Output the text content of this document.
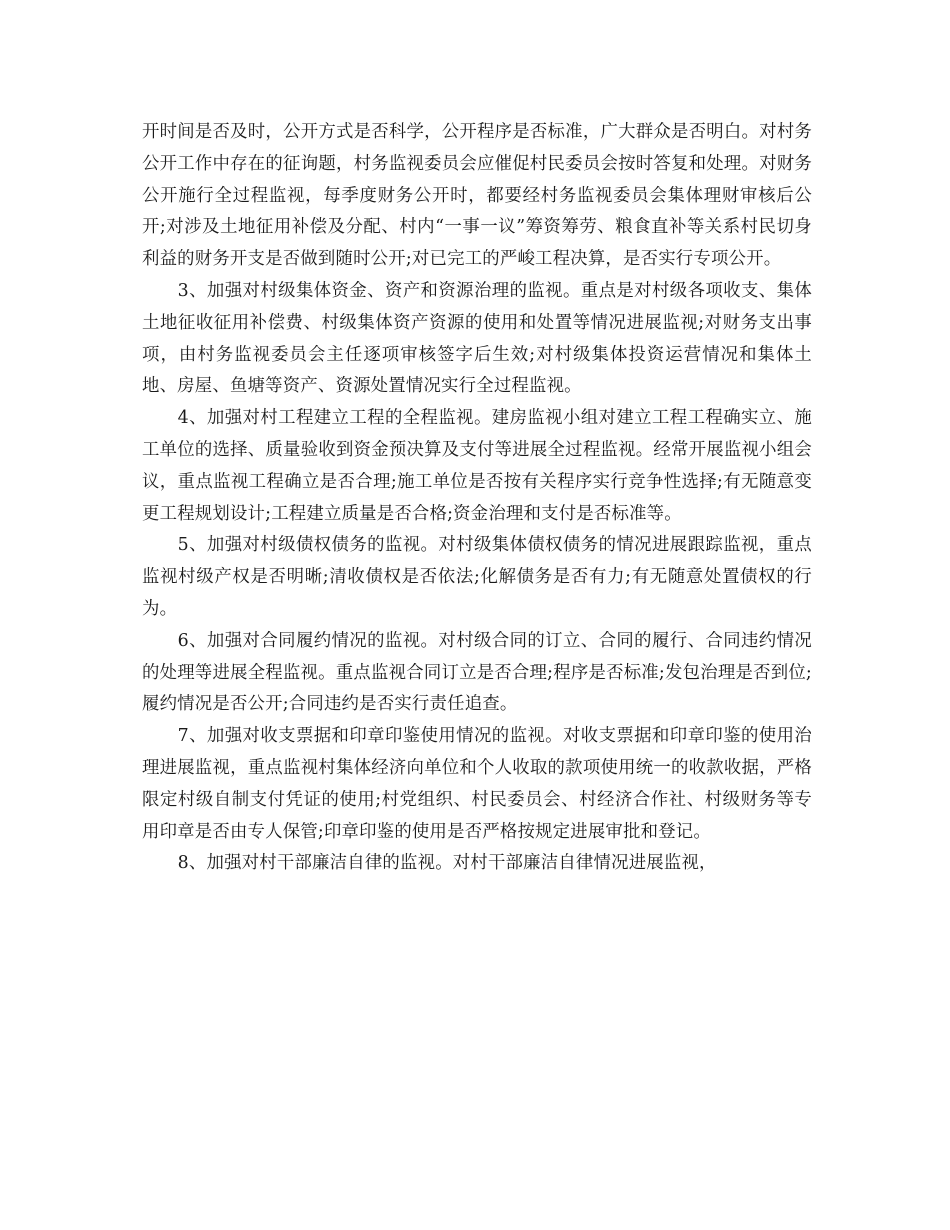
开时间是否及时，公开方式是否科学，公开程序是否标准，广大群众是否明白。对村务公开工作中存在的征询题，村务监视委员会应催促村民委员会按时答复和处理。对财务公开施行全过程监视，每季度财务公开时，都要经村务监视委员会集体理财审核后公开;对涉及土地征用补偿及分配、村内“一事一议”筹资筹劳、粮食直补等关系村民切身利益的财务开支是否做到随时公开;对已完工的严峻工程决算，是否实行专项公开。

3、加强对村级集体资金、资产和资源治理的监视。重点是对村级各项收支、集体土地征收征用补偿费、村级集体资产资源的使用和处置等情况进展监视;对财务支出事项，由村务监视委员会主任逐项审核签字后生效;对村级集体投资运营情况和集体土地、房屋、鱼塘等资产、资源处置情况实行全过程监视。

4、加强对村工程建立工程的全程监视。建房监视小组对建立工程工程确实立、施工单位的选择、质量验收到资金预决算及支付等进展全过程监视。经常开展监视小组会议，重点监视工程确立是否合理;施工单位是否按有关程序实行竞争性选择;有无随意变更工程规划设计;工程建立质量是否合格;资金治理和支付是否标准等。

5、加强对村级债权债务的监视。对村级集体债权债务的情况进展跟踪监视，重点监视村级产权是否明晰;清收债权是否依法;化解债务是否有力;有无随意处置债权的行为。

6、加强对合同履约情况的监视。对村级合同的订立、合同的履行、合同违约情况的处理等进展全程监视。重点监视合同订立是否合理;程序是否标准;发包治理是否到位;履约情况是否公开;合同违约是否实行责任追查。

7、加强对收支票据和印章印鉴使用情况的监视。对收支票据和印章印鉴的使用治理进展监视，重点监视村集体经济向单位和个人收取的款项使用统一的收款收据，严格限定村级自制支付凭证的使用;村党组织、村民委员会、村经济合作社、村级财务等专用印章是否由专人保管;印章印鉴的使用是否严格按规定进展审批和登记。

8、加强对村干部廉洁自律的监视。对村干部廉洁自律情况进展监视，
